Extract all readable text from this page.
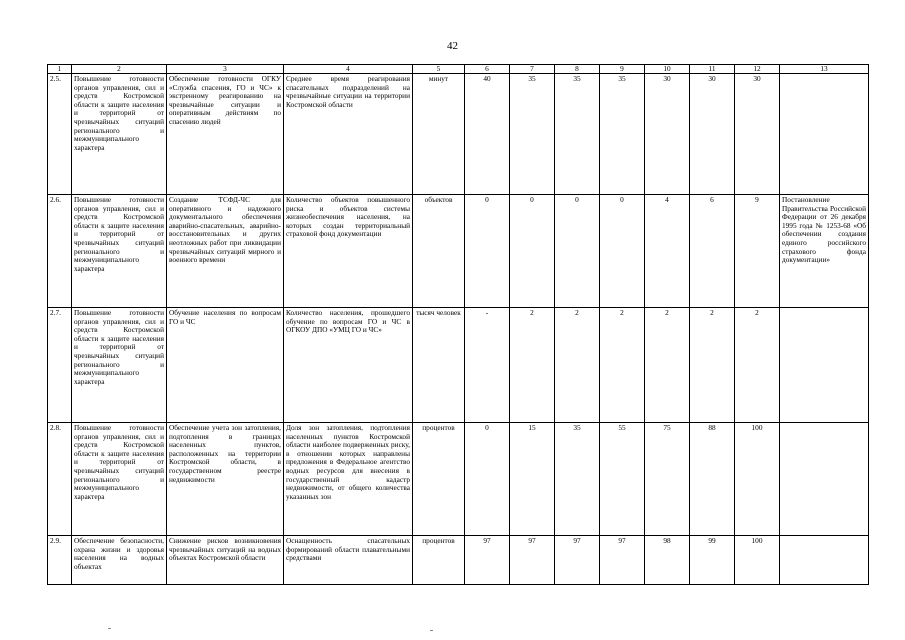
42
1	2	3	4	5	6	7	8	9	10	11	12	13
2.5.	Повышение готовности органов управления, сил и средств Костромской области к защите населения и территорий от чрезвычайных ситуаций регионального и межмуниципального характера	Обеспечение готовности ОГКУ «Служба спасения, ГО и ЧС» к экстренному реагированию на чрезвычайные ситуации и оперативным действиям по спасению людей	Среднее время реагирования спасательных подразделений на чрезвычайные ситуации на территории Костромской области	минут	40	35	35	35	30	30	30	
2.6.	Повышение готовности органов управления, сил и средств Костромской области к защите населения и территорий от чрезвычайных ситуаций регионального и межмуниципального характера	Создание ТСФД-ЧС для оперативного и надежного документального обеспечения аварийно-спасательных, аварийно-восстановительных и других неотложных работ при ликвидации чрезвычайных ситуаций мирного и военного времени	Количество объектов повышенного риска и объектов системы жизнеобеспечения населения, на которых создан территориальный страховой фонд документации	объектов	0	0	0	0	4	6	9	Постановление Правительства Российской Федерации от 26 декабря 1995 года № 1253-68 «Об обеспечении создания единого российского страхового фонда документации»
2.7.	Повышение готовности органов управления, сил и средств Костромской области к защите населения и территорий от чрезвычайных ситуаций регионального и межмуниципального характера	Обучение населения по вопросам ГО и ЧС	Количество населения, прошедшего обучение по вопросам ГО и ЧС в ОГКОУ ДПО «УМЦ ГО и ЧС»	тысяч человек	-	2	2	2	2	2	2	
2.8.	Повышение готовности органов управления, сил и средств Костромской области к защите населения и территорий от чрезвычайных ситуаций регионального и межмуниципального характера	Обеспечение учета зон затопления, подтопления в границах населенных пунктов, расположенных на территории Костромской области, в государственном реестре недвижимости	Доля зон затопления, подтопления населенных пунктов Костромской области наиболее подверженных риску, в отношении которых направлены предложения в Федеральное агентство водных ресурсов для внесения в государственный кадастр недвижимости, от общего количества указанных зон	процентов	0	15	35	55	75	88	100	
2.9.	Обеспечение безопасности, охрана жизни и здоровья населения на водных объектах	Снижение рисков возникновения чрезвычайных ситуаций на водных объектах Костромской области	Оснащенность спасательных формирований области плавательными средствами	процентов	97	97	97	97	98	99	100	
